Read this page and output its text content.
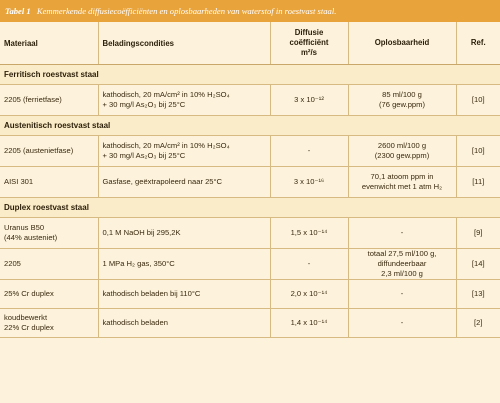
Tabel 1 Kemmerkende diffusiecoëfficiënten en oplosbaarheden van waterstof in roestvast staal.
Materiaal	Beladingscondities	Diffusie
coëfficiënt
m²/s	Oplosbaarheid	Ref.
Ferritisch roestvast staal				

2205 (ferrietfase)	kathodisch, 20 mA/cm² in 10% H₂SO₄
+ 30 mg/l As₂O₃ bij 25°C	3 x 10⁻¹²	85 ml/100 g
(76 gew.ppm)	[10]
Austenitisch roestvast staal				

2205 (austenietfase)	kathodisch, 20 mA/cm² in 10% H₂SO₄
+ 30 mg/l As₂O₃ bij 25°C	-	2600 ml/100 g
(2300 gew.ppm)	[10]

AISI 301	Gasfase, geëxtrapoleerd naar 25°C	3 x 10⁻¹⁶	70,1 atoom ppm in
evenwicht met 1 atm H₂	[11]
Duplex roestvast staal				

Uranus B50
(44% austeniet)	0,1 M NaOH bij 295,2K	1,5 x 10⁻¹⁴	-	[9]

2205	1 MPa H₂ gas, 350°C	-	totaal 27,5 ml/100 g,
diffundeerbaar
2,3 ml/100 g	[14]

25% Cr duplex	kathodisch beladen bij 110°C	2,0 x 10⁻¹⁴	-	[13]

koudbewerkt
22% Cr duplex	kathodisch beladen	1,4 x 10⁻¹⁴	-	[2]
